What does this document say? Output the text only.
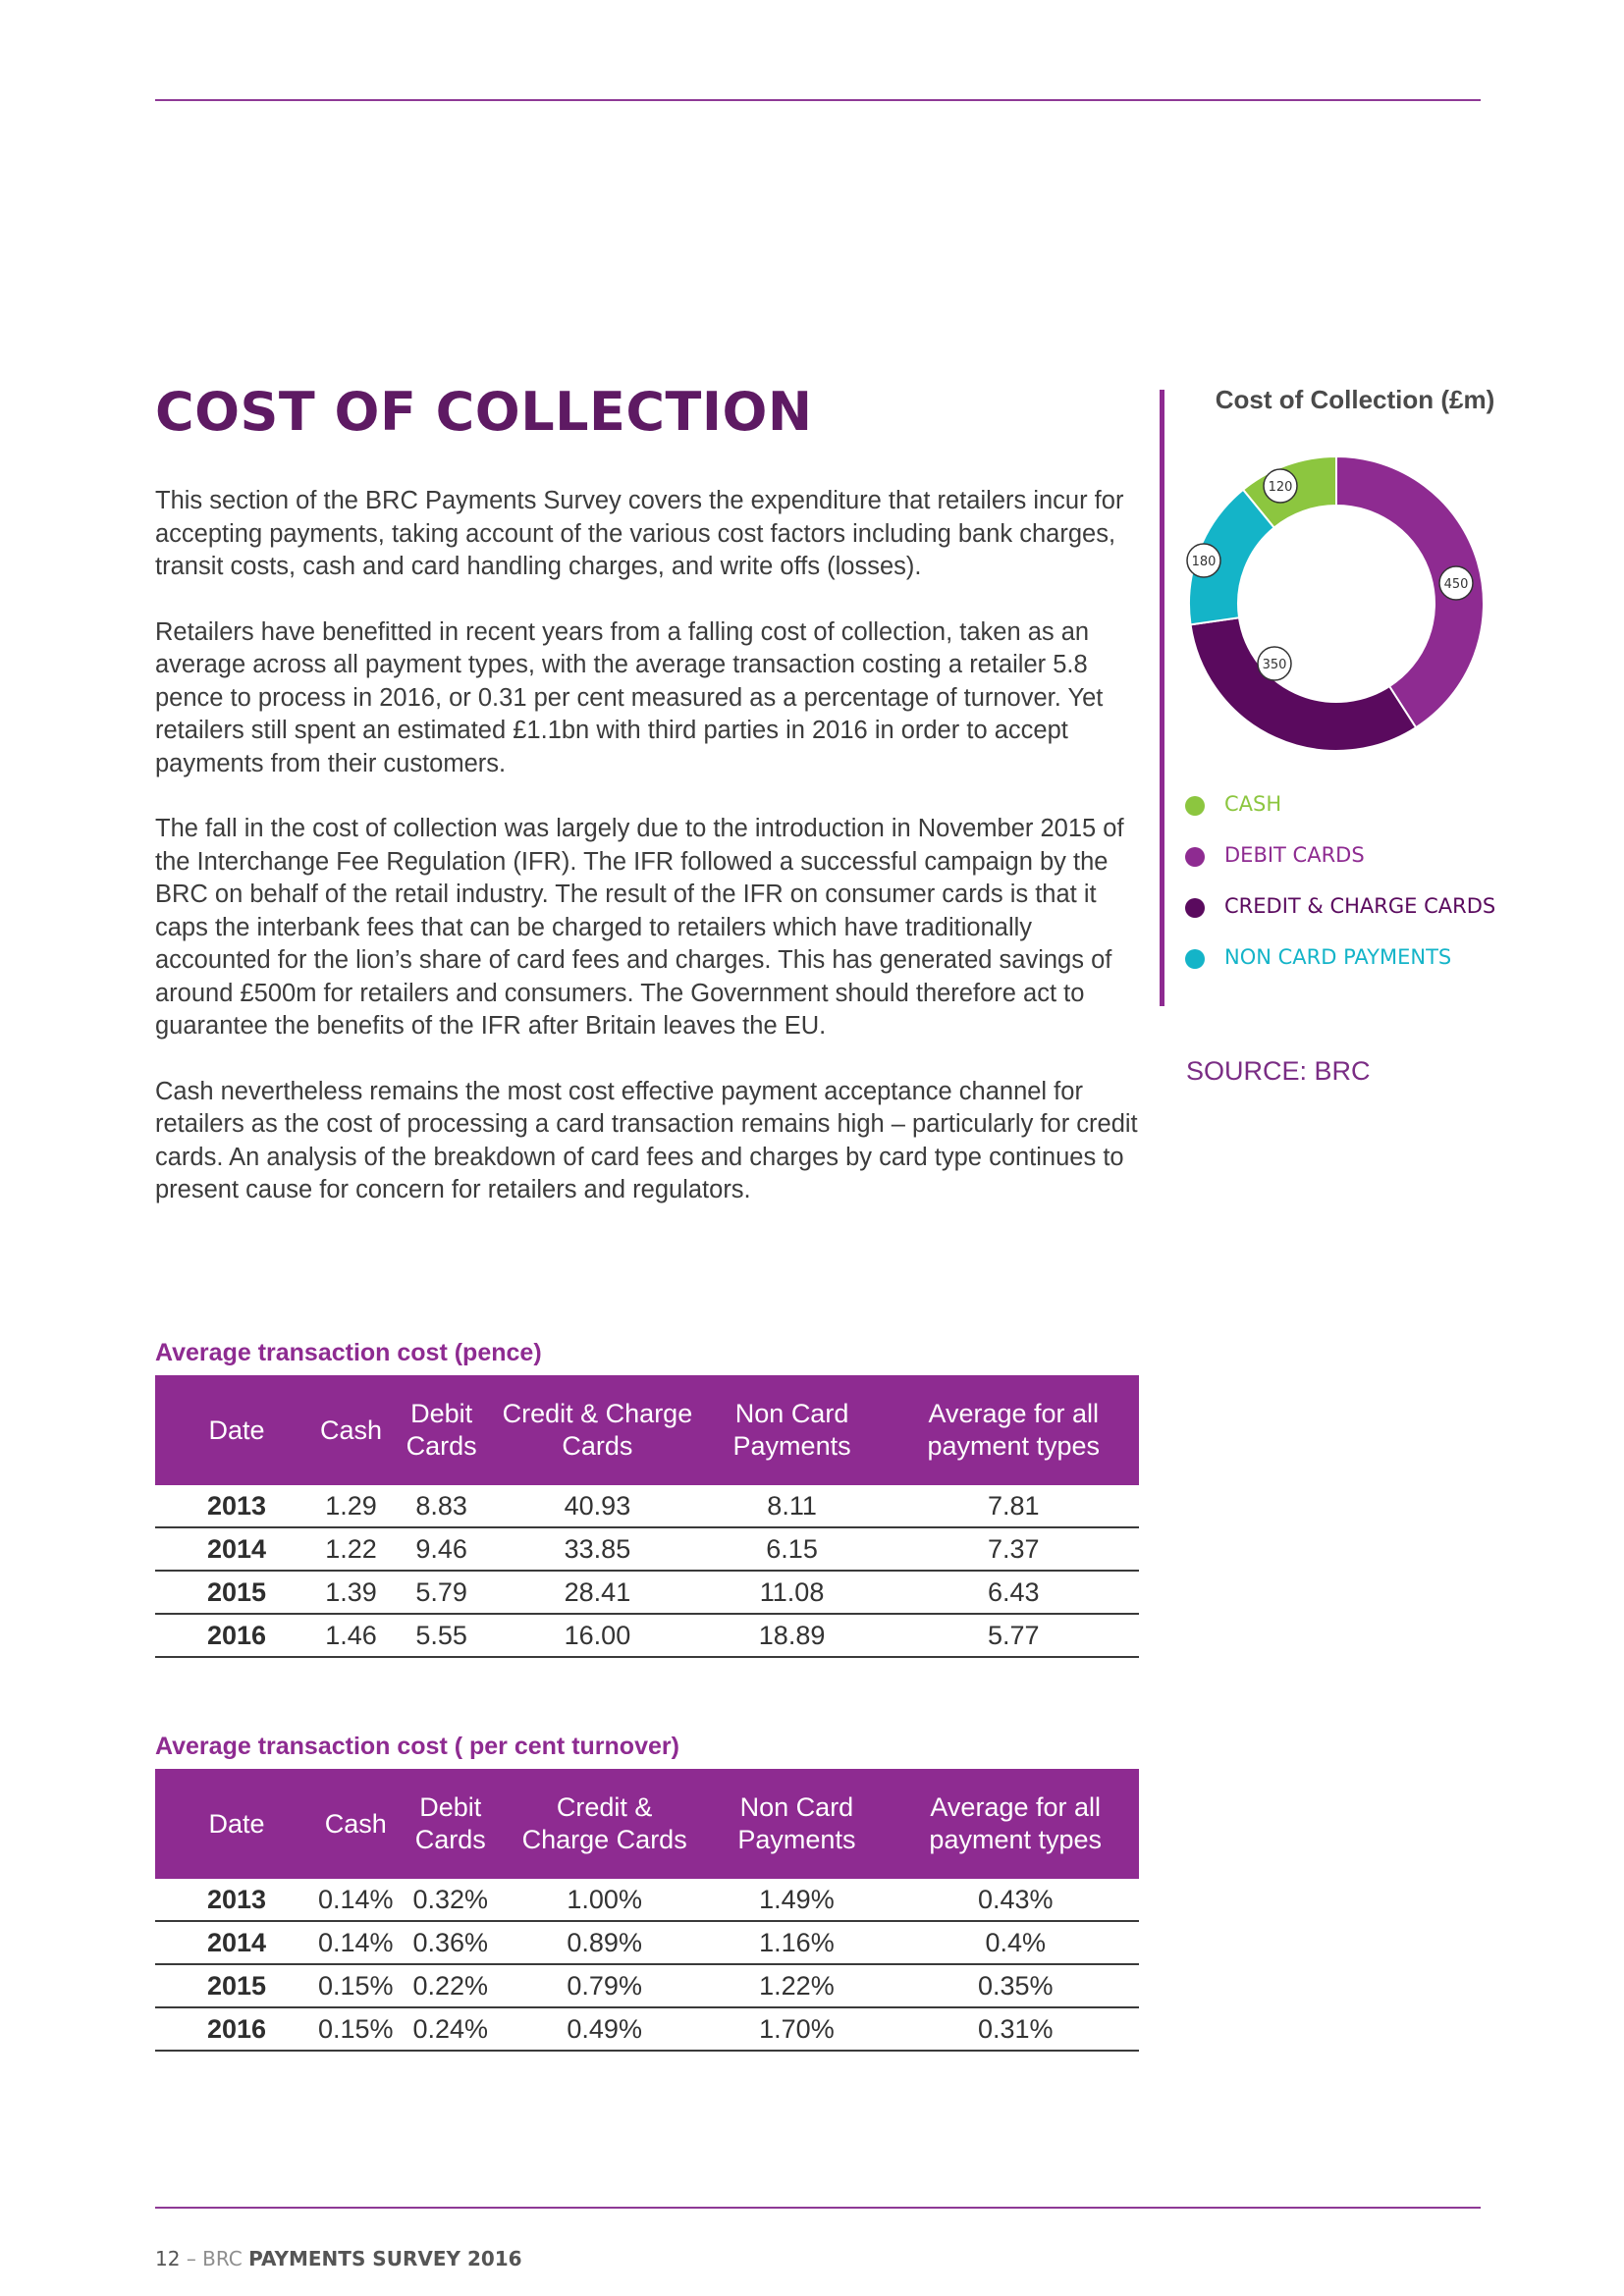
COST OF COLLECTION

This section of the BRC Payments Survey covers the expenditure that retailers incur for accepting payments, taking account of the various cost factors including bank charges, transit costs, cash and card handling charges, and write offs (losses).

Retailers have benefitted in recent years from a falling cost of collection, taken as an average across all payment types, with the average transaction costing a retailer 5.8 pence to process in 2016, or 0.31 per cent measured as a percentage of turnover. Yet retailers still spent an estimated £1.1bn with third parties in 2016 in order to accept payments from their customers.

The fall in the cost of collection was largely due to the introduction in November 2015 of the Interchange Fee Regulation (IFR). The IFR followed a successful campaign by the BRC on behalf of the retail industry. The result of the IFR on consumer cards is that it caps the interbank fees that can be charged to retailers which have traditionally accounted for the lion’s share of card fees and charges. This has generated savings of around £500m for retailers and consumers. The Government should therefore act to guarantee the benefits of the IFR after Britain leaves the EU.

Cash nevertheless remains the most cost effective payment acceptance channel for retailers as the cost of processing a card transaction remains high – particularly for credit cards. An analysis of the breakdown of card fees and charges by card type continues to present cause for concern for retailers and regulators.

Cost of Collection (£m)
120
450
350
180
CASH
DEBIT CARDS
CREDIT & CHARGE CARDS
NON CARD PAYMENTS
SOURCE: BRC
Average transaction cost (pence)
Date	Cash	Debit Cards	Credit & Charge Cards	Non Card Payments	Average for all payment types
2013	1.29	8.83	40.93	8.11	7.81
2014	1.22	9.46	33.85	6.15	7.37
2015	1.39	5.79	28.41	11.08	6.43
2016	1.46	5.55	16.00	18.89	5.77
Average transaction cost ( per cent turnover)
Date	Cash	Debit Cards	Credit & Charge Cards	Non Card Payments	Average for all payment types
2013	0.14%	0.32%	1.00%	1.49%	0.43%
2014	0.14%	0.36%	0.89%	1.16%	0.4%
2015	0.15%	0.22%	0.79%	1.22%	0.35%
2016	0.15%	0.24%	0.49%	1.70%	0.31%
12 – BRC PAYMENTS SURVEY 2016
